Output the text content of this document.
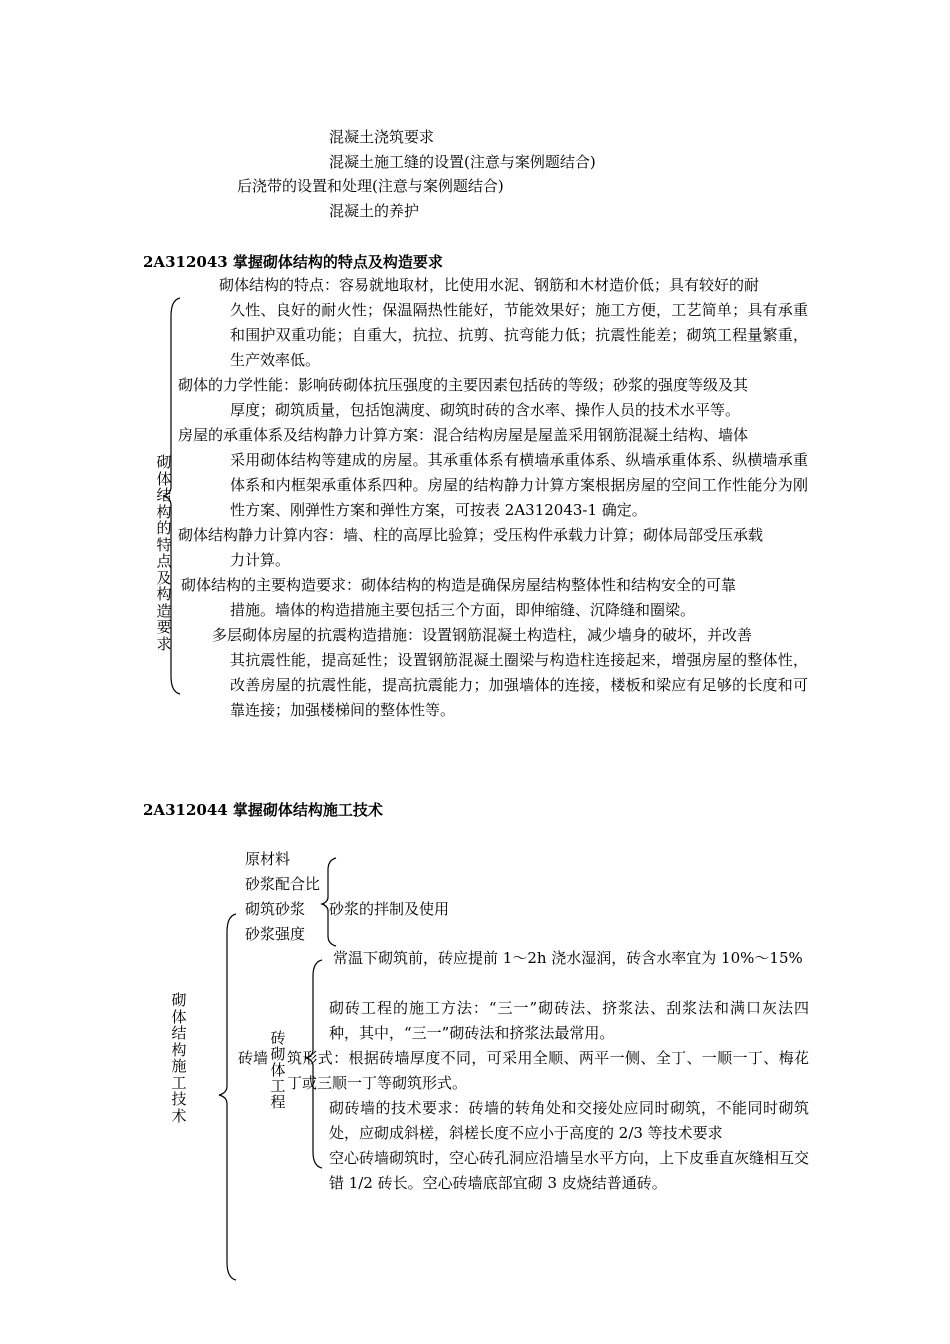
混凝土浇筑要求
混凝土施工缝的设置(注意与案例题结合)
后浇带的设置和处理(注意与案例题结合)
混凝土的养护
2A312043 掌握砌体结构的特点及构造要求
砌体结构的特点及构造要求
砌体结构的特点：容易就地取材，比使用水泥、钢筋和木材造价低；具有较好的耐
久性、良好的耐火性；保温隔热性能好，节能效果好；施工方便，工艺简单；具有承重和围护双重功能；自重大，抗拉、抗剪、抗弯能力低；抗震性能差；砌筑工程量繁重，生产效率低。
砌体的力学性能：影响砖砌体抗压强度的主要因素包括砖的等级；砂浆的强度等级及其
厚度；砌筑质量，包括饱满度、砌筑时砖的含水率、操作人员的技术水平等。
房屋的承重体系及结构静力计算方案：混合结构房屋是屋盖采用钢筋混凝土结构、墙体
采用砌体结构等建成的房屋。其承重体系有横墙承重体系、纵墙承重体系、纵横墙承重体系和内框架承重体系四种。房屋的结构静力计算方案根据房屋的空间工作性能分为刚性方案、刚弹性方案和弹性方案，可按表 2A312043-1 确定。
砌体结构静力计算内容：墙、柱的高厚比验算；受压构件承载力计算；砌体局部受压承载
力计算。
砌体结构的主要构造要求：砌体结构的构造是确保房屋结构整体性和结构安全的可靠
措施。墙体的构造措施主要包括三个方面，即伸缩缝、沉降缝和圈梁。
多层砌体房屋的抗震构造措施：设置钢筋混凝土构造柱，减少墙身的破坏，并改善
其抗震性能，提高延性；设置钢筋混凝土圈梁与构造柱连接起来，增强房屋的整体性，改善房屋的抗震性能，提高抗震能力；加强墙体的连接，楼板和梁应有足够的长度和可靠连接；加强楼梯间的整体性等。
2A312044 掌握砌体结构施工技术
砌体结构施工技术
原材料
砂浆配合比
砌筑砂浆
砂浆强度
砂浆的拌制及使用
砖墙
砖砌体工程
常温下砌筑前，砖应提前 1～2h 浇水湿润，砖含水率宜为 10%～15%
砌砖工程的施工方法：“三一”砌砖法、挤浆法、刮浆法和满口灰法四种，其中，“三一”砌砖法和挤浆法最常用。
筑形式：根据砖墙厚度不同，可采用全顺、两平一侧、全丁、一顺一丁、梅花丁或三顺一丁等砌筑形式。
砌砖墙的技术要求：砖墙的转角处和交接处应同时砌筑，不能同时砌筑处，应砌成斜槎，斜槎长度不应小于高度的 2/3 等技术要求
空心砖墙砌筑时，空心砖孔洞应沿墙呈水平方向，上下皮垂直灰缝相互交错 1/2 砖长。空心砖墙底部宜砌 3 皮烧结普通砖。
